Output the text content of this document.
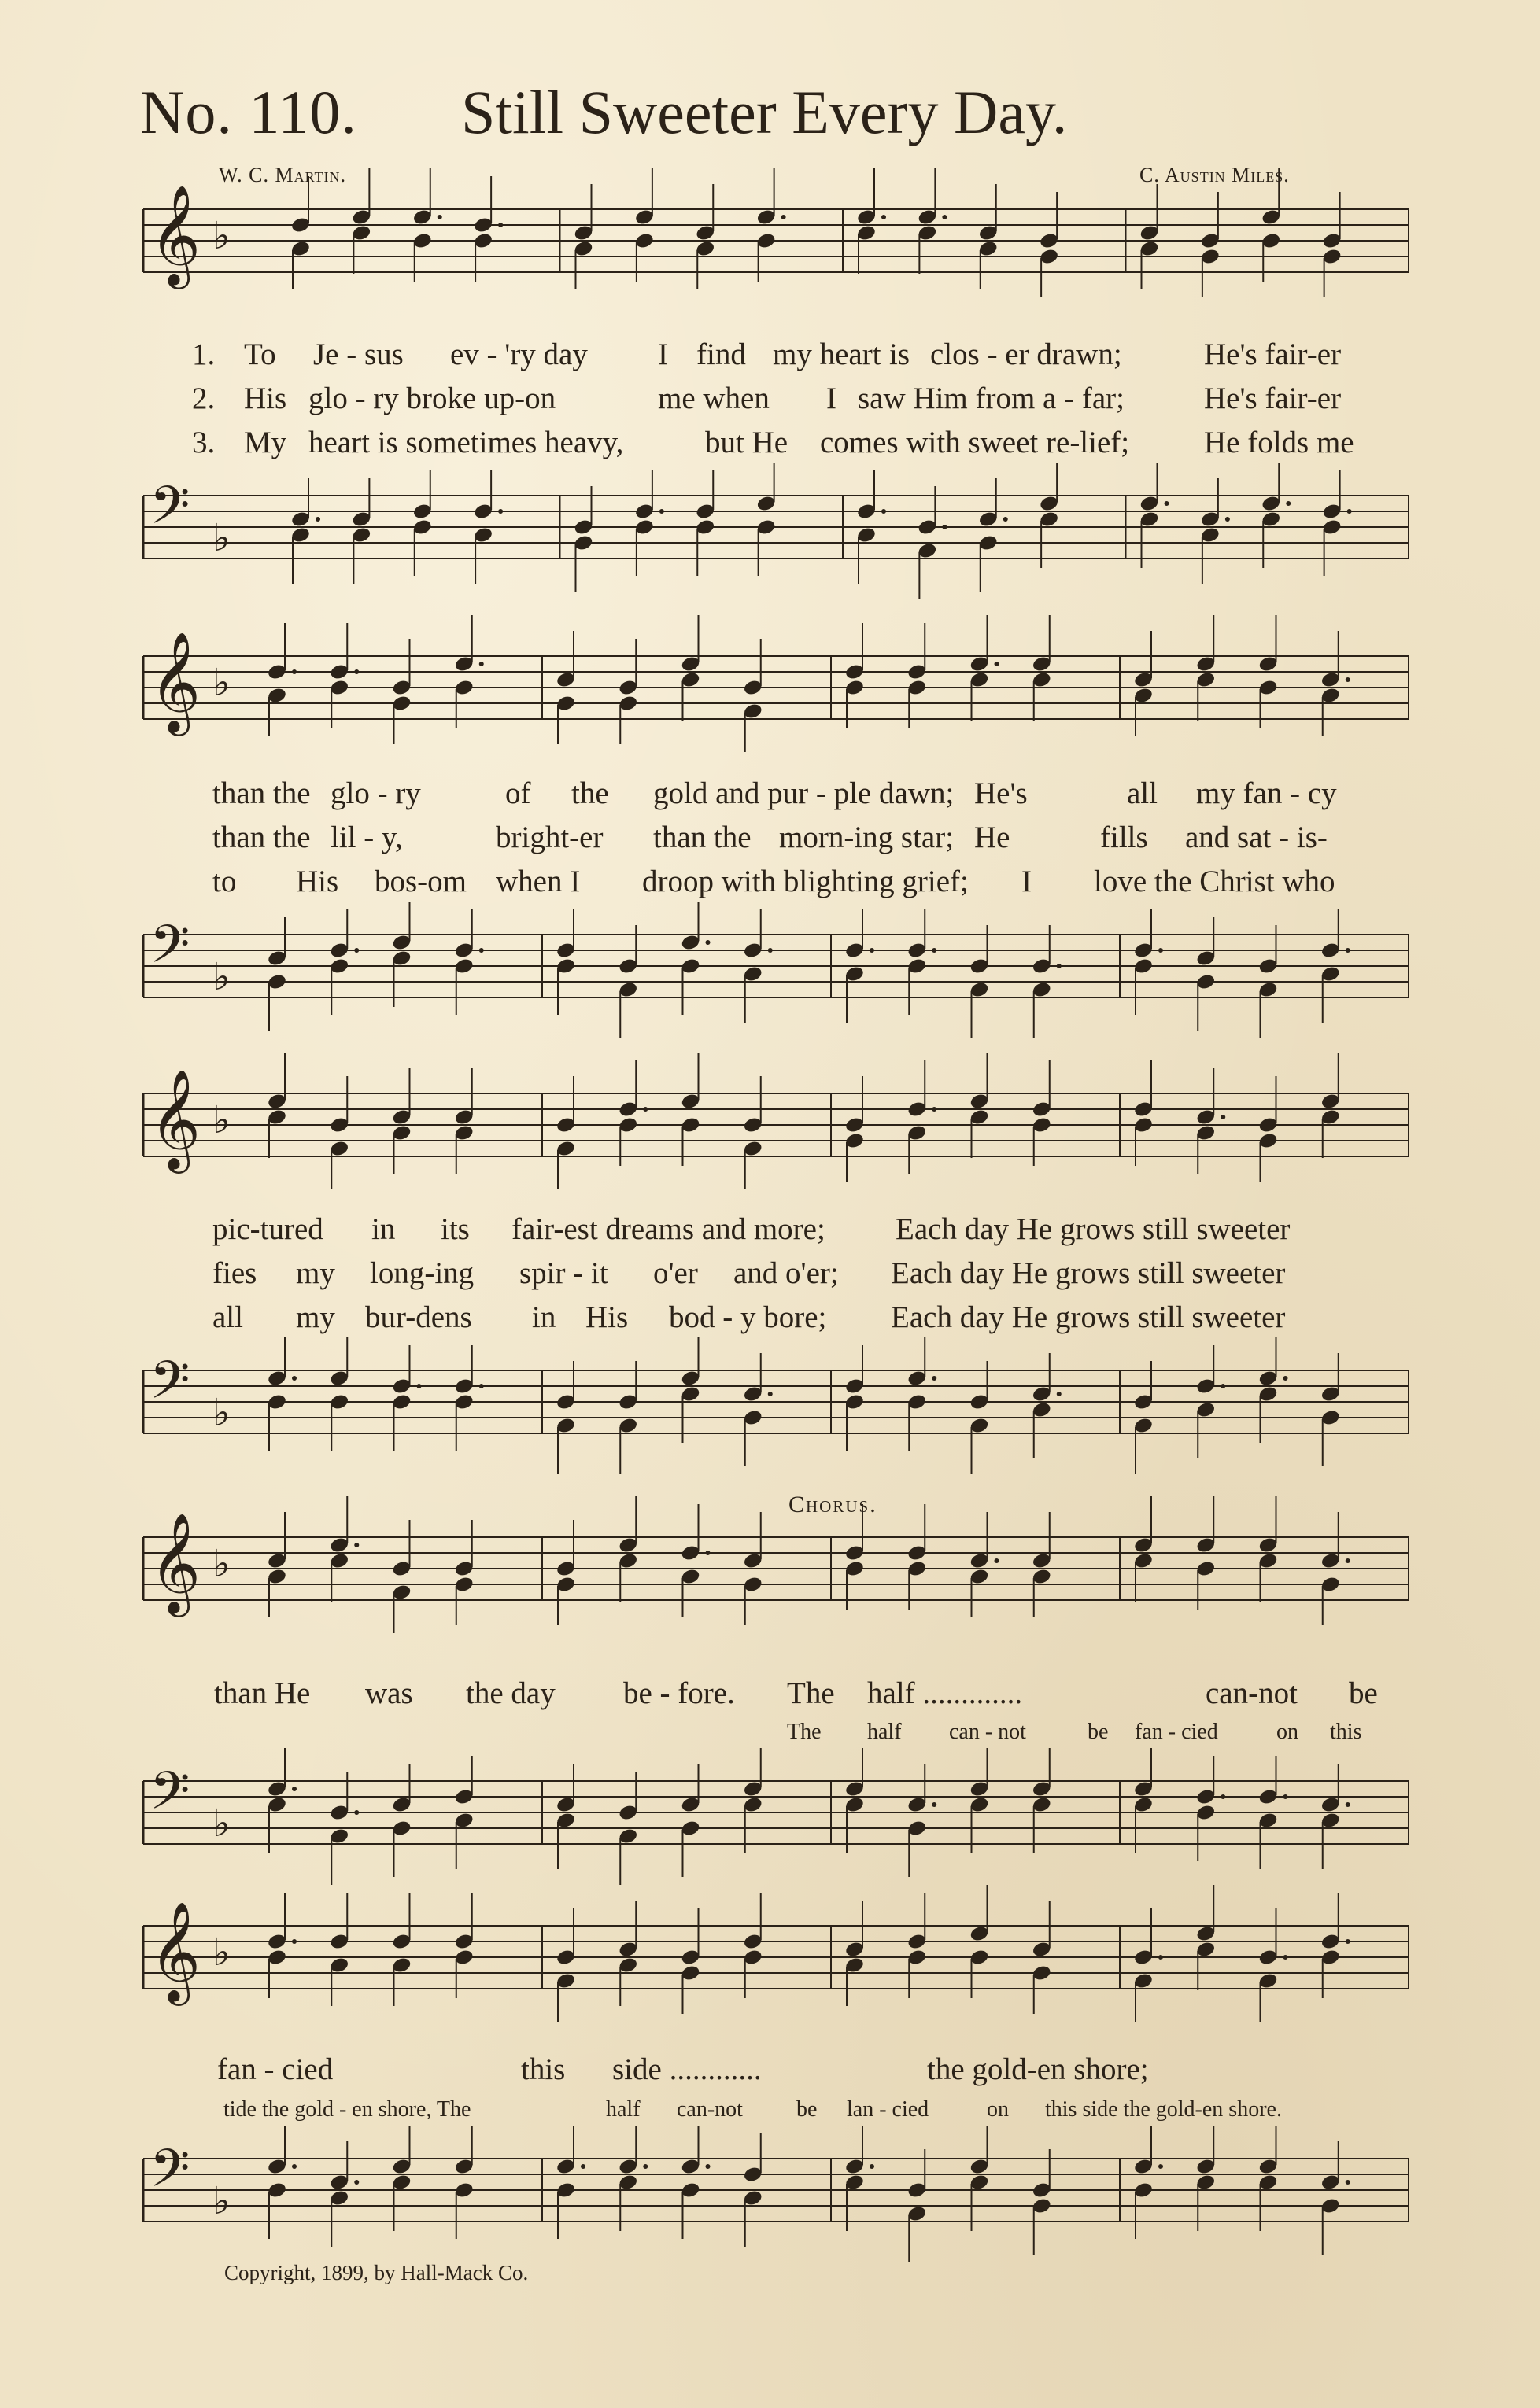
No. 110. Still Sweeter Every Day.
W. C. Martin.	C. Austin Miles.
𝄞 ♭
𝄢 ♭
1. To Je - sus ev - 'ry day I find my heart is clos - er drawn;	He's fair-er
2. His glo - ry broke up-on	me when I saw Him from a - far;	He's fair-er
3. My heart is sometimes heavy,	but He comes with sweet re-lief; He folds me
𝄞 ♭
𝄢 ♭
than the glo - ry	of the gold and pur - ple dawn; He's	all my fan - cy
than the lil - y,	bright-er than the morn-ing star; He	fills and sat - is-
to His bos-om when I droop with blighting grief; I love the Christ who
𝄞 ♭
𝄢 ♭
pic-tured in its fair-est dreams and more; Each day He grows still sweeter
fies my long-ing spir - it o'er and o'er; Each day He grows still sweeter
all my bur-dens in His bod - y bore; Each day He grows still sweeter
𝄞 ♭
𝄢 ♭
Chorus.
than He was the day be - fore. The half .............	can-not be
The half can - not	be fan - cied	on this
𝄞 ♭
𝄢 ♭
fan - cied	this side ............	the gold-en shore;
tide the gold - en shore, The	half can-not be lan - cied	on this side the gold-en shore.
Copyright, 1899, by Hall-Mack Co.
